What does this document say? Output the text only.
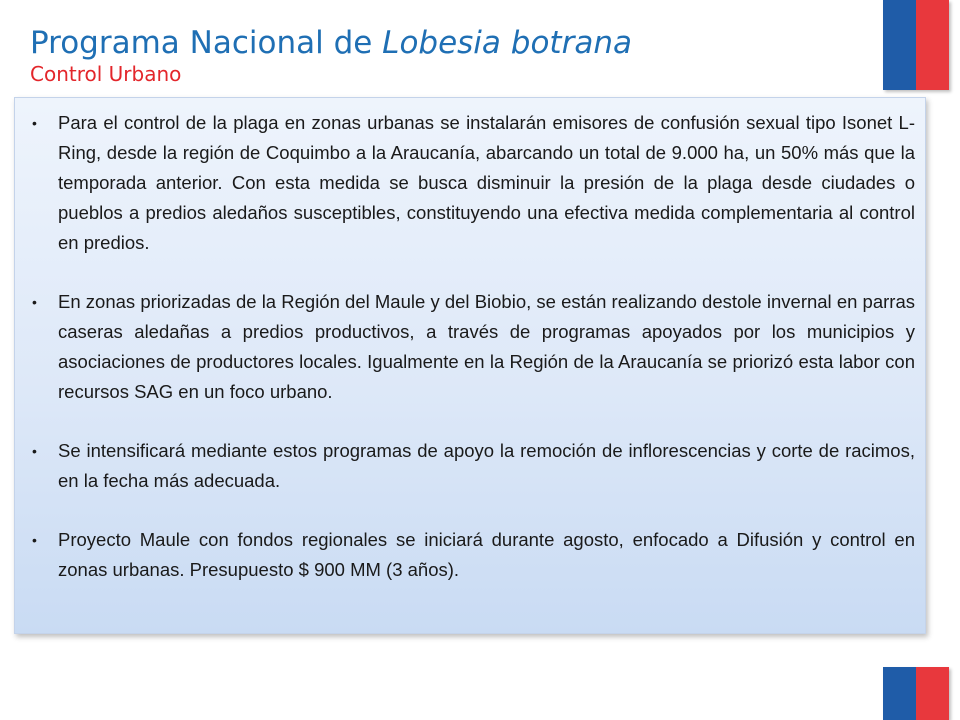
Programa Nacional de Lobesia botrana
Control Urbano
• Para el control de la plaga en zonas urbanas se instalarán emisores de confusión sexual tipo Isonet L-Ring, desde la región de Coquimbo a la Araucanía, abarcando un total de 9.000 ha, un 50% más que la temporada anterior. Con esta medida se busca disminuir la presión de la plaga desde ciudades o pueblos a predios aledaños susceptibles, constituyendo una efectiva medida complementaria al control en predios.
• En zonas priorizadas de la Región del Maule y del Biobio, se están realizando destole invernal en parras caseras aledañas a predios productivos, a través de programas apoyados por los municipios y asociaciones de productores locales. Igualmente en la Región de la Araucanía se priorizó esta labor con recursos SAG en un foco urbano.
• Se intensificará mediante estos programas de apoyo la remoción de inflorescencias y corte de racimos, en la fecha más adecuada.
• Proyecto Maule con fondos regionales se iniciará durante agosto, enfocado a Difusión y control en zonas urbanas. Presupuesto $ 900 MM (3 años).
